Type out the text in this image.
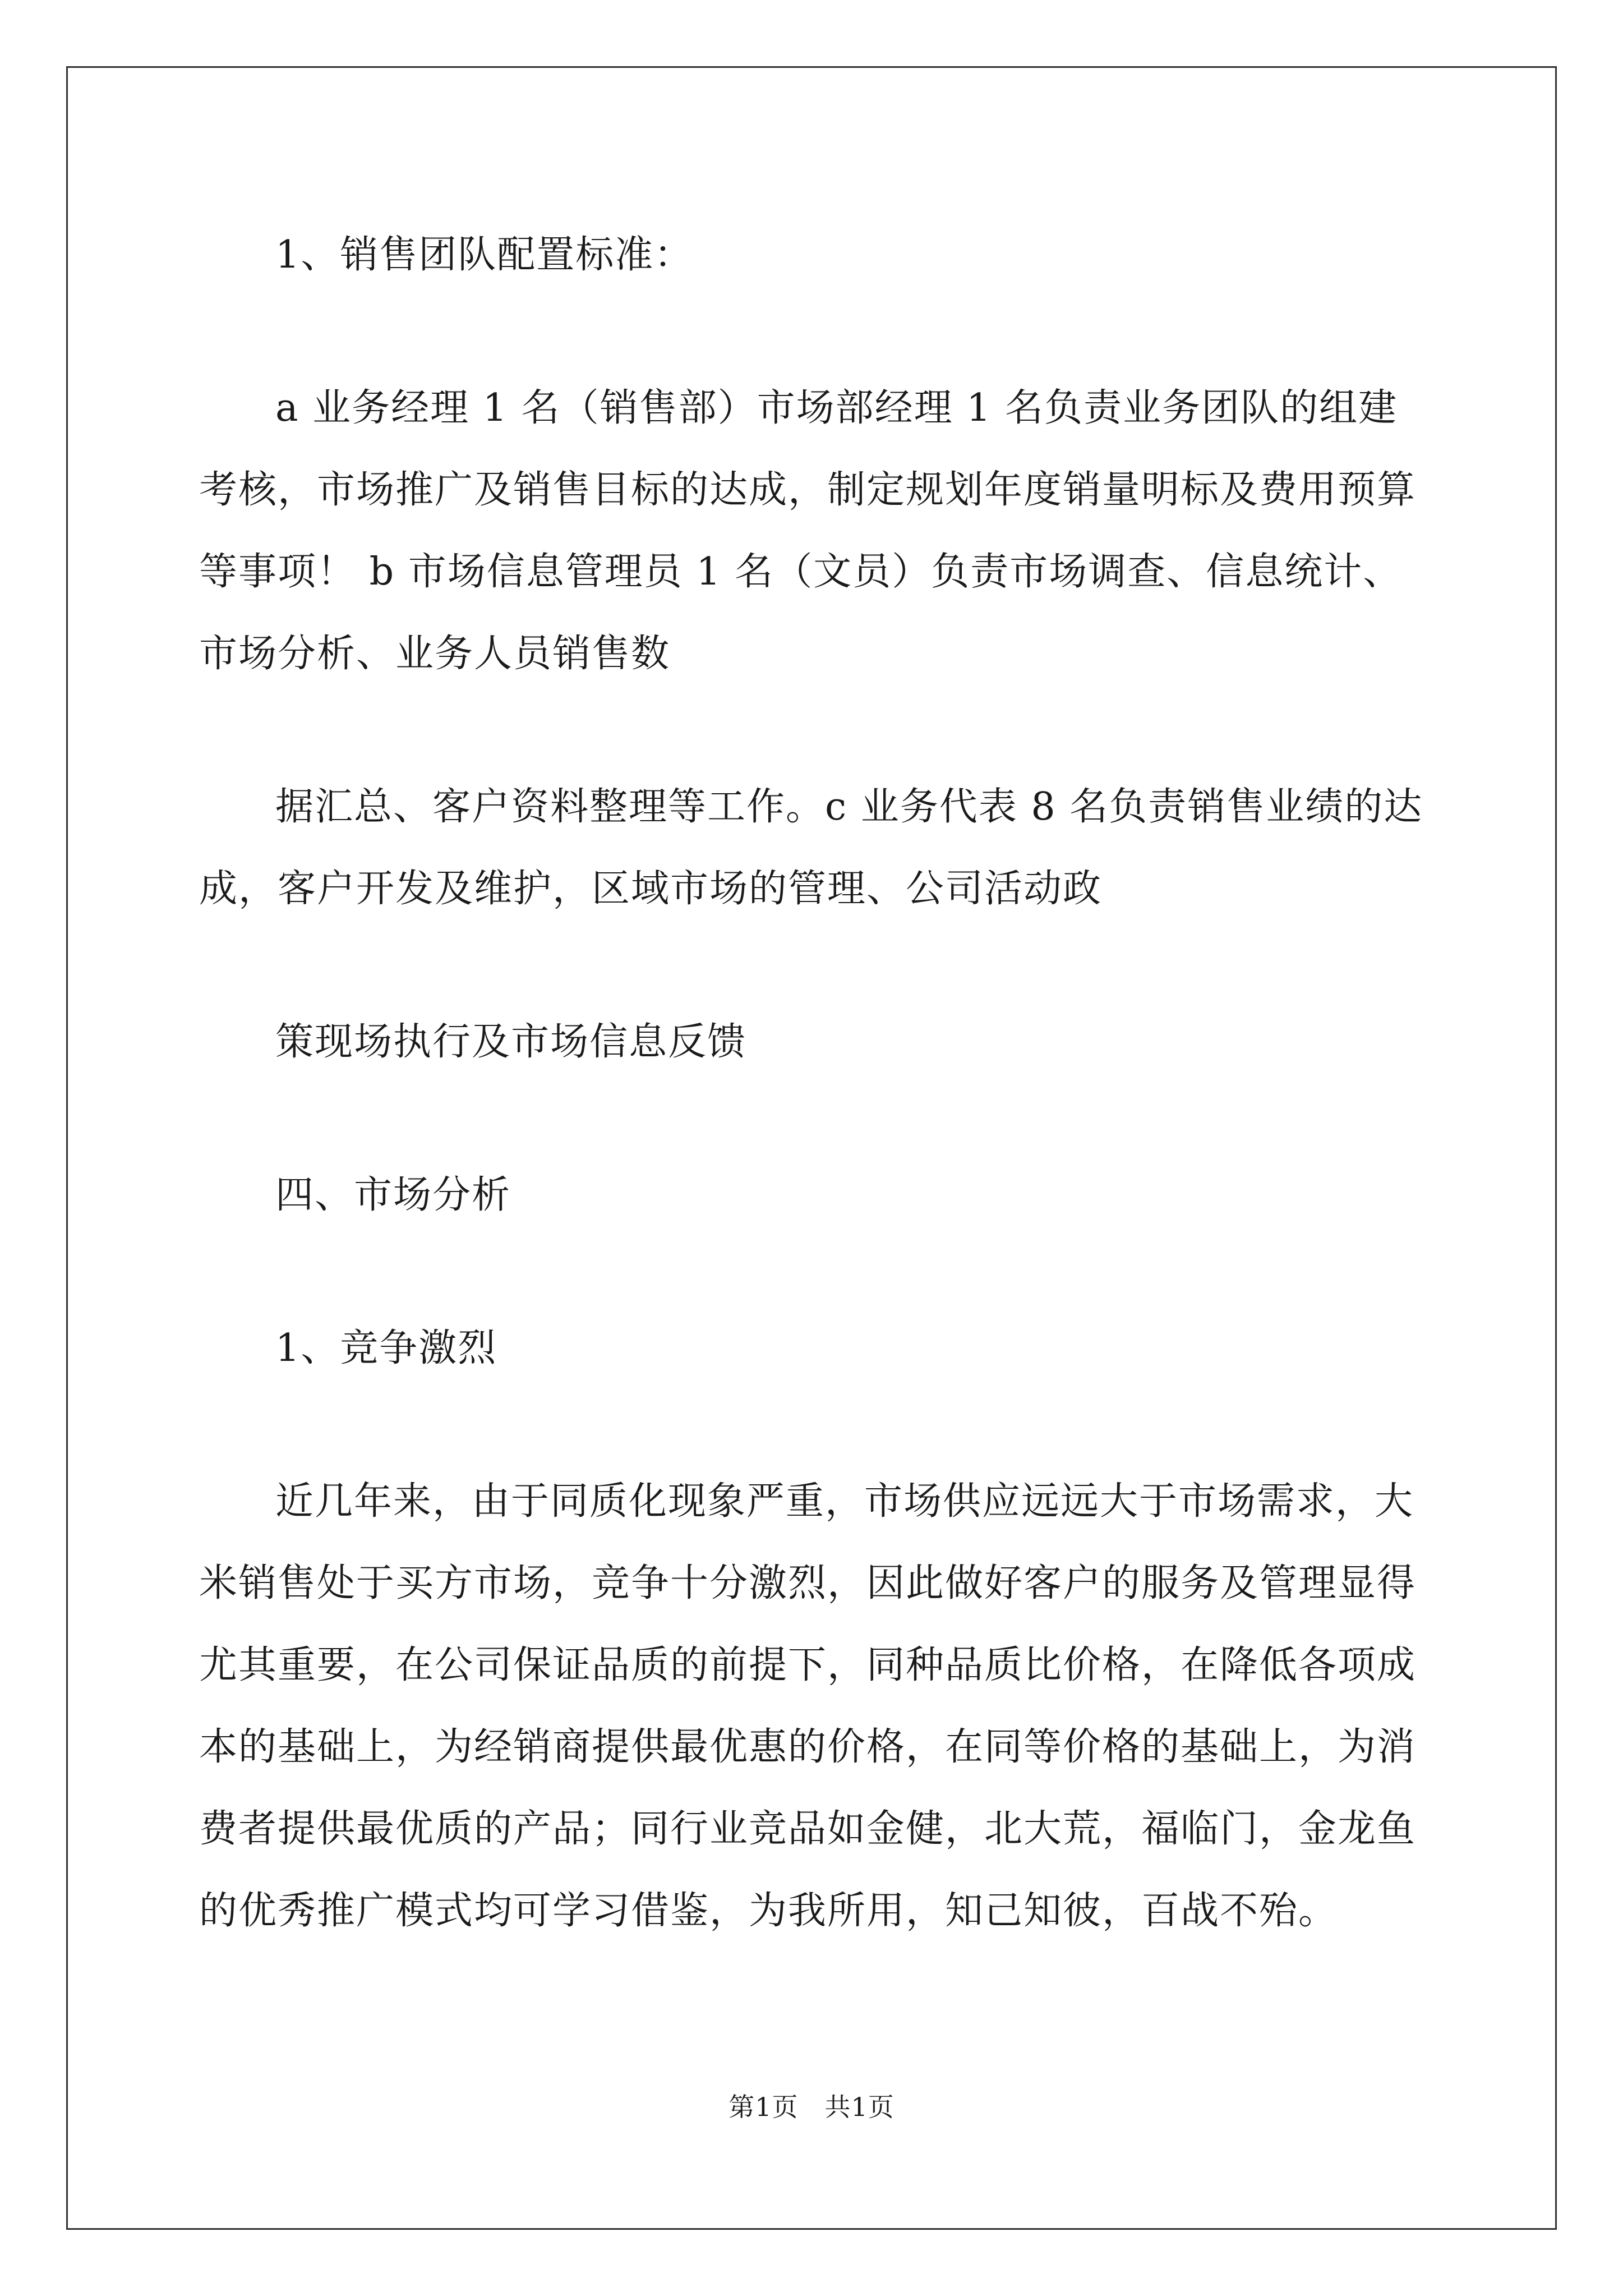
1、销售团队配置标准：

a 业务经理 1 名（销售部）市场部经理 1 名负责业务团队的组建考核，市场推广及销售目标的达成，制定规划年度销量明标及费用预算等事项！ b 市场信息管理员 1 名（文员）负责市场调查、信息统计、市场分析、业务人员销售数

据汇总、客户资料整理等工作。c 业务代表 8 名负责销售业绩的达成，客户开发及维护，区域市场的管理、公司活动政

策现场执行及市场信息反馈

四、市场分析

1、竞争激烈

近几年来，由于同质化现象严重，市场供应远远大于市场需求，大米销售处于买方市场，竞争十分激烈，因此做好客户的服务及管理显得尤其重要，在公司保证品质的前提下，同种品质比价格，在降低各项成本的基础上，为经销商提供最优惠的价格，在同等价格的基础上，为消费者提供最优质的产品；同行业竞品如金健，北大荒，福临门，金龙鱼的优秀推广模式均可学习借鉴，为我所用，知己知彼，百战不殆。

第1页　共1页
